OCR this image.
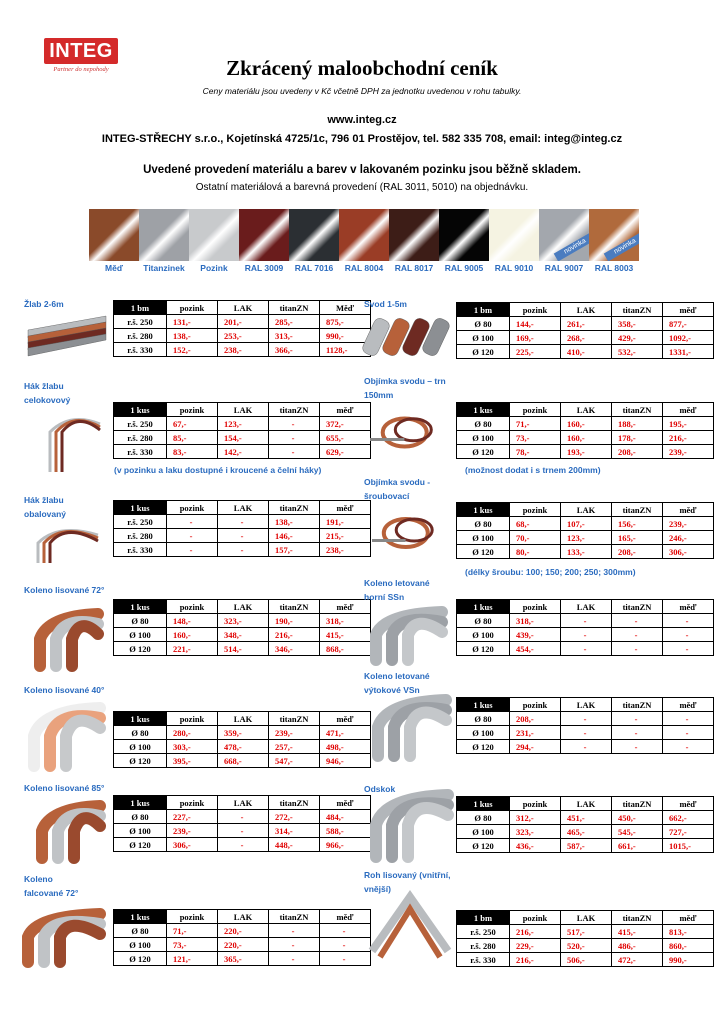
INTEG
Partner do nepohody	Zkrácený maloobchodní ceník
Ceny materiálu jsou uvedeny v Kč včetně DPH za jednotku uvedenou v rohu tabulky.
www.integ.cz
INTEG-STŘECHY s.r.o., Kojetínská 4725/1c, 796 01 Prostějov, tel. 582 335 708, email: integ@integ.cz
Uvedené provedení materiálu a barev v lakovaném pozinku jsou běžně skladem.
Ostatní materiálová a barevná provedení (RAL 3011, 5010) na objednávku.
novinka	novinka
Měď	Titanzinek	Pozink	RAL 3009	RAL 7016	RAL 8004	RAL 8017	RAL 9005	RAL 9010	RAL 9007	RAL 8003
Žlab 2-6m	1 bm	pozink	LAK	titanZN	Měď
r.š. 250	131,-	201,-	285,-	875,-
r.š. 280	138,-	253,-	313,-	990,-
r.š. 330	152,-	238,-	366,-	1128,-
Hák žlabu celokovový
1 kus	pozink	LAK	titanZN	měď
r.š. 250	67,-	123,-	-	372,-
r.š. 280	85,-	154,-	-	655,-
r.š. 330	83,-	142,-	-	629,-
(v pozinku a laku dostupné i kroucené a čelní háky)
Hák žlabu obalovaný
1 kus	pozink	LAK	titanZN	měď
r.š. 250	-	-	138,-	191,-
r.š. 280	-	-	146,-	215,-
r.š. 330	-	-	157,-	238,-
Koleno lisované 72°
1 kus	pozink	LAK	titanZN	měď
Ø 80	148,-	323,-	190,-	318,-
Ø 100	160,-	348,-	216,-	415,-
Ø 120	221,-	514,-	346,-	868,-
Koleno lisované 40°
1 kus	pozink	LAK	titanZN	měď
Ø 80	280,-	359,-	239,-	471,-
Ø 100	303,-	478,-	257,-	498,-
Ø 120	395,-	668,-	547,-	946,-
Koleno lisované 85°
1 kus	pozink	LAK	titanZN	měď
Ø 80	227,-	-	272,-	484,-
Ø 100	239,-	-	314,-	588,-
Ø 120	306,-	-	448,-	966,-
Koleno falcované 72°
1 kus	pozink	LAK	titanZN	měď
Ø 80	71,-	220,-	-	-
Ø 100	73,-	220,-	-	-
Ø 120	121,-	365,-	-	-
Svod 1-5m
1 bm	pozink	LAK	titanZN	měď
Ø 80	144,-	261,-	358,-	877,-
Ø 100	169,-	268,-	429,-	1092,-
Ø 120	225,-	410,-	532,-	1331,-
Objímka svodu – trn 150mm
1 kus	pozink	LAK	titanZN	měď
Ø 80	71,-	160,-	188,-	195,-
Ø 100	73,-	160,-	178,-	216,-
Ø 120	78,-	193,-	208,-	239,-
(možnost dodat i s trnem 200mm)
Objímka svodu - šroubovací
1 kus	pozink	LAK	titanZN	měď
Ø 80	68,-	107,-	156,-	239,-
Ø 100	70,-	123,-	165,-	246,-
Ø 120	80,-	133,-	208,-	306,-
(délky šroubu: 100; 150; 200; 250; 300mm)
Koleno letované horní SSn
1 kus	pozink	LAK	titanZN	měď
Ø 80	318,-	-	-	-
Ø 100	439,-	-	-	-
Ø 120	454,-	-	-	-
Koleno letované výtokové VSn
1 kus	pozink	LAK	titanZN	měď
Ø 80	208,-	-	-	-
Ø 100	231,-	-	-	-
Ø 120	294,-	-	-	-
Odskok
1 kus	pozink	LAK	titanZN	měď
Ø 80	312,-	451,-	450,-	662,-
Ø 100	323,-	465,-	545,-	727,-
Ø 120	436,-	587,-	661,-	1015,-
Roh lisovaný (vnitřní, vnější)
1 bm	pozink	LAK	titanZN	měď
r.š. 250	216,-	517,-	415,-	813,-
r.š. 280	229,-	520,-	486,-	860,-
r.š. 330	216,-	506,-	472,-	990,-
